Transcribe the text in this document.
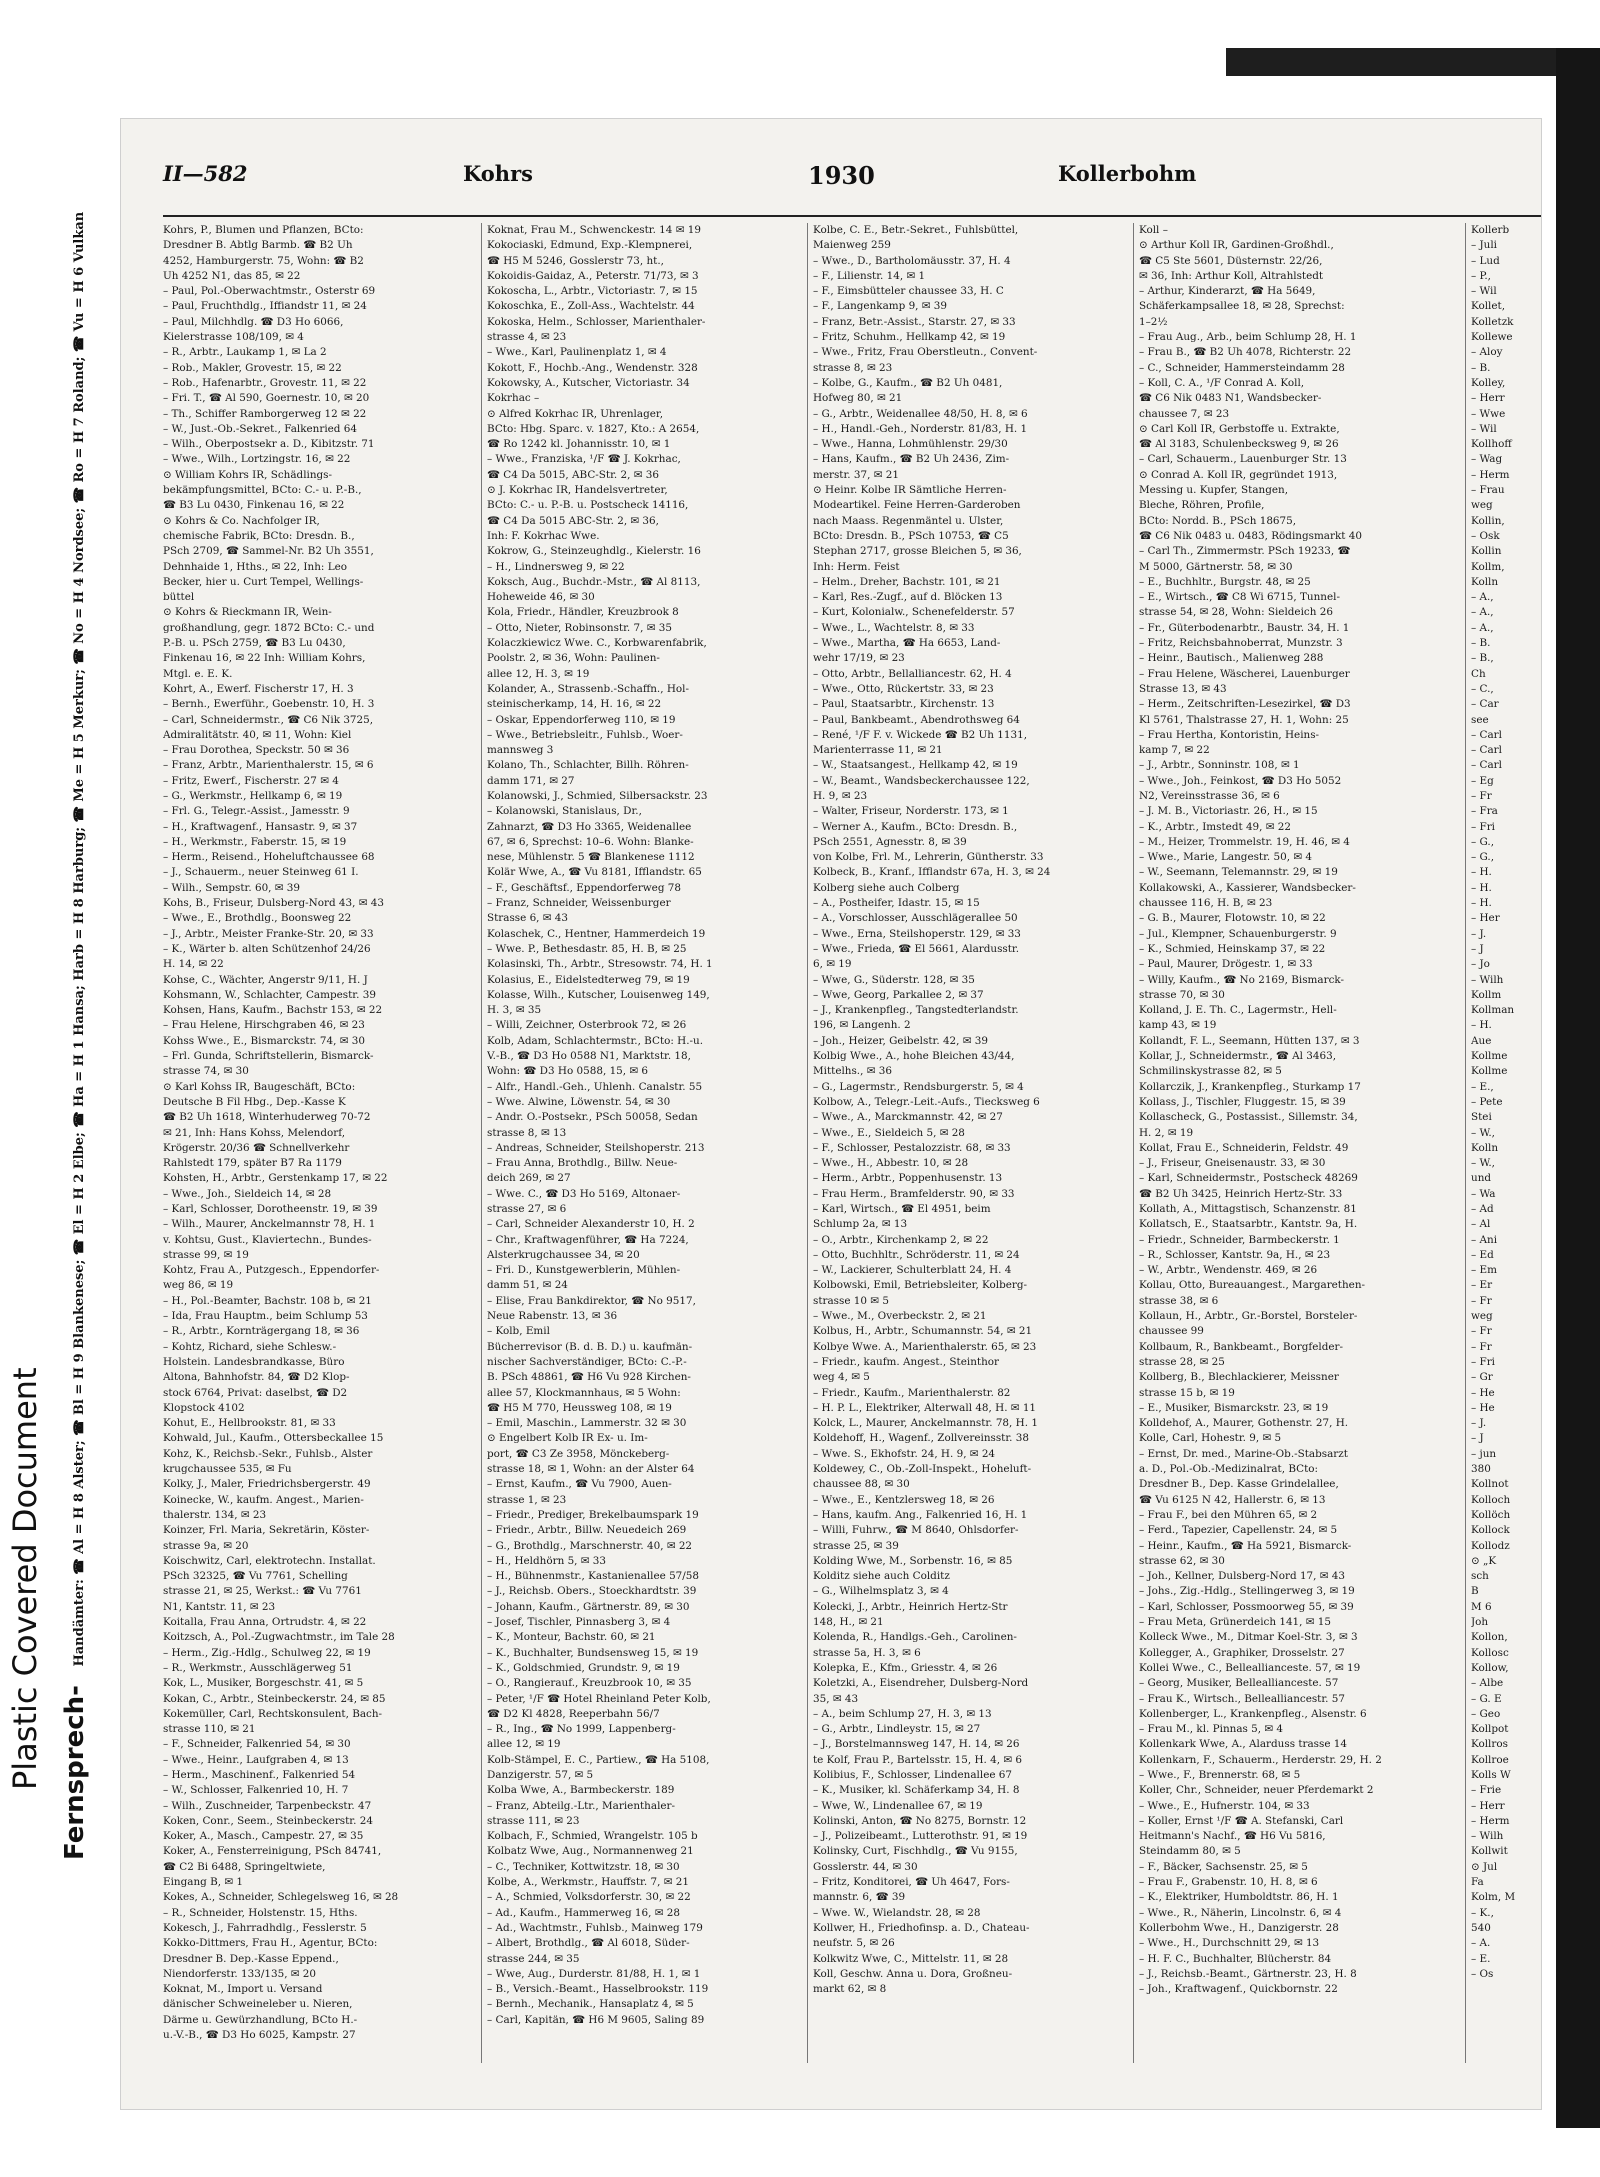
Plastic Covered Document
II—582	Kohrs	1930	Kollerbohm
Kohrs, P., Blumen und Pflanzen, BCto:
Dresdner B. Abtlg Barmb. ☎ B2 Uh
4252, Hamburgerstr. 75, Wohn: ☎ B2
Uh 4252 N1, das 85, ✉ 22
– Paul, Pol.-Oberwachtmstr., Osterstr 69
– Paul, Fruchthdlg., Iffiandstr 11, ✉ 24
– Paul, Milchhdlg. ☎ D3 Ho 6066,
Kielerstrasse 108/109, ✉ 4
– R., Arbtr., Laukamp 1, ✉ La 2
– Rob., Makler, Grovestr. 15, ✉ 22
– Rob., Hafenarbtr., Grovestr. 11, ✉ 22
– Fri. T., ☎ Al 590, Goernestr. 10, ✉ 20
– Th., Schiffer Ramborgerweg 12 ✉ 22
– W., Just.-Ob.-Sekret., Falkenried 64
– Wilh., Oberpostsekr a. D., Kibitzstr. 71
– Wwe., Wilh., Lortzingstr. 16, ✉ 22
⊙ William Kohrs IR, Schädlings-
bekämpfungsmittel, BCto: C.- u. P.-B.,
☎ B3 Lu 0430, Finkenau 16, ✉ 22
⊙ Kohrs & Co. Nachfolger IR,
chemische Fabrik, BCto: Dresdn. B.,
PSch 2709, ☎ Sammel-Nr. B2 Uh 3551,
Dehnhaide 1, Hths., ✉ 22, Inh: Leo
Becker, hier u. Curt Tempel, Wellings-
büttel
⊙ Kohrs & Rieckmann IR, Wein-
großhandlung, gegr. 1872 BCto: C.- und
P.-B. u. PSch 2759, ☎ B3 Lu 0430,
Finkenau 16, ✉ 22 Inh: William Kohrs,
Mtgl. e. E. K.
Kohrt, A., Ewerf. Fischerstr 17, H. 3
– Bernh., Ewerführ., Goebenstr. 10, H. 3
– Carl, Schneidermstr., ☎ C6 Nik 3725,
Admiralitätstr. 40, ✉ 11, Wohn: Kiel
– Frau Dorothea, Speckstr. 50 ✉ 36
– Franz, Arbtr., Marienthalerstr. 15, ✉ 6
– Fritz, Ewerf., Fischerstr. 27 ✉ 4
– G., Werkmstr., Hellkamp 6, ✉ 19
– Frl. G., Telegr.-Assist., Jamesstr. 9
– H., Kraftwagenf., Hansastr. 9, ✉ 37
– H., Werkmstr., Faberstr. 15, ✉ 19
– Herm., Reisend., Hoheluftchaussee 68
– J., Schauerm., neuer Steinweg 61 I.
– Wilh., Sempstr. 60, ✉ 39
Kohs, B., Friseur, Dulsberg-Nord 43, ✉ 43
– Wwe., E., Brothdlg., Boonsweg 22
– J., Arbtr., Meister Franke-Str. 20, ✉ 33
– K., Wärter b. alten Schützenhof 24/26
H. 14, ✉ 22
Kohse, C., Wächter, Angerstr 9/11, H. J
Kohsmann, W., Schlachter, Campestr. 39
Kohsen, Hans, Kaufm., Bachstr 153, ✉ 22
– Frau Helene, Hirschgraben 46, ✉ 23
Kohss Wwe., E., Bismarckstr. 74, ✉ 30
– Frl. Gunda, Schriftstellerin, Bismarck-
strasse 74, ✉ 30
⊙ Karl Kohss IR, Baugeschäft, BCto:
Deutsche B Fil Hbg., Dep.-Kasse K
☎ B2 Uh 1618, Winterhuderweg 70-72
✉ 21, Inh: Hans Kohss, Melendorf,
Krögerstr. 20/36 ☎ Schnellverkehr
Rahlstedt 179, später B7 Ra 1179
Kohsten, H., Arbtr., Gerstenkamp 17, ✉ 22
– Wwe., Joh., Sieldeich 14, ✉ 28
– Karl, Schlosser, Dorotheenstr. 19, ✉ 39
– Wilh., Maurer, Anckelmannstr 78, H. 1
v. Kohtsu, Gust., Klaviertechn., Bundes-
strasse 99, ✉ 19
Kohtz, Frau A., Putzgesch., Eppendorfer-
weg 86, ✉ 19
– H., Pol.-Beamter, Bachstr. 108 b, ✉ 21
– Ida, Frau Hauptm., beim Schlump 53
– R., Arbtr., Kornträgergang 18, ✉ 36
– Kohtz, Richard, siehe Schlesw.-
Holstein. Landesbrandkasse, Büro
Altona, Bahnhofstr. 84, ☎ D2 Klop-
stock 6764, Privat: daselbst, ☎ D2
Klopstock 4102
Kohut, E., Hellbrookstr. 81, ✉ 33
Kohwald, Jul., Kaufm., Ottersbeckallee 15
Kohz, K., Reichsb.-Sekr., Fuhlsb., Alster
krugchaussee 535, ✉ Fu
Kolky, J., Maler, Friedrichsbergerstr. 49
Koinecke, W., kaufm. Angest., Marien-
thalerstr. 134, ✉ 23
Koinzer, Frl. Maria, Sekretärin, Köster-
strasse 9a, ✉ 20
Koischwitz, Carl, elektrotechn. Installat.
PSch 32325, ☎ Vu 7761, Schelling
strasse 21, ✉ 25, Werkst.: ☎ Vu 7761
N1, Kantstr. 11, ✉ 23
Koitalla, Frau Anna, Ortrudstr. 4, ✉ 22
Koitzsch, A., Pol.-Zugwachtmstr., im Tale 28
– Herm., Zig.-Hdlg., Schulweg 22, ✉ 19
– R., Werkmstr., Ausschlägerweg 51
Kok, L., Musiker, Borgeschstr. 41, ✉ 5
Kokan, C., Arbtr., Steinbeckerstr. 24, ✉ 85
Kokemüller, Carl, Rechtskonsulent, Bach-
strasse 110, ✉ 21
– F., Schneider, Falkenried 54, ✉ 30
– Wwe., Heinr., Laufgraben 4, ✉ 13
– Herm., Maschinenf., Falkenried 54
– W., Schlosser, Falkenried 10, H. 7
– Wilh., Zuschneider, Tarpenbeckstr. 47
Koken, Conr., Seem., Steinbeckerstr. 24
Koker, A., Masch., Campestr. 27, ✉ 35
Koker, A., Fensterreinigung, PSch 84741,
☎ C2 Bi 6488, Springeltwiete,
Eingang B, ✉ 1
Kokes, A., Schneider, Schlegelsweg 16, ✉ 28
– R., Schneider, Holstenstr. 15, Hths.
Kokesch, J., Fahrradhdlg., Fesslerstr. 5
Kokko-Dittmers, Frau H., Agentur, BCto:
Dresdner B. Dep.-Kasse Eppend.,
Niendorferstr. 133/135, ✉ 20
Koknat, M., Import u. Versand
dänischer Schweineleber u. Nieren,
Därme u. Gewürzhandlung, BCto H.-
u.-V.-B., ☎ D3 Ho 6025, Kampstr. 27
Koknat, Frau M., Schwenckestr. 14 ✉ 19
Kokociaski, Edmund, Exp.-Klempnerei,
☎ H5 M 5246, Gosslerstr 73, ht.,
Kokoidis-Gaidaz, A., Peterstr. 71/73, ✉ 3
Kokoscha, L., Arbtr., Victoriastr. 7, ✉ 15
Kokoschka, E., Zoll-Ass., Wachtelstr. 44
Kokoska, Helm., Schlosser, Marienthaler-
strasse 4, ✉ 23
– Wwe., Karl, Paulinenplatz 1, ✉ 4
Kokott, F., Hochb.-Ang., Wendenstr. 328
Kokowsky, A., Kutscher, Victoriastr. 34
Kokrhac –
⊙ Alfred Kokrhac IR, Uhrenlager,
BCto: Hbg. Sparc. v. 1827, Kto.: A 2654,
☎ Ro 1242 kl. Johannisstr. 10, ✉ 1
– Wwe., Franziska, ¹/F ☎ J. Kokrhac,
☎ C4 Da 5015, ABC-Str. 2, ✉ 36
⊙ J. Kokrhac IR, Handelsvertreter,
BCto: C.- u. P.-B. u. Postscheck 14116,
☎ C4 Da 5015 ABC-Str. 2, ✉ 36,
Inh: F. Kokrhac Wwe.
Kokrow, G., Steinzeughdlg., Kielerstr. 16
– H., Lindnersweg 9, ✉ 22
Koksch, Aug., Buchdr.-Mstr., ☎ Al 8113,
Hoheweide 46, ✉ 30
Kola, Friedr., Händler, Kreuzbrook 8
– Otto, Nieter, Robinsonstr. 7, ✉ 35
Kolaczkiewicz Wwe. C., Korbwarenfabrik,
Poolstr. 2, ✉ 36, Wohn: Paulinen-
allee 12, H. 3, ✉ 19
Kolander, A., Strassenb.-Schaffn., Hol-
steinischerkamp, 14, H. 16, ✉ 22
– Oskar, Eppendorferweg 110, ✉ 19
– Wwe., Betriebsleitr., Fuhlsb., Woer-
mannsweg 3
Kolano, Th., Schlachter, Billh. Röhren-
damm 171, ✉ 27
Kolanowski, J., Schmied, Silbersackstr. 23
– Kolanowski, Stanislaus, Dr.,
Zahnarzt, ☎ D3 Ho 3365, Weidenallee
67, ✉ 6, Sprechst: 10–6. Wohn: Blanke-
nese, Mühlenstr. 5 ☎ Blankenese 1112
Kolär Wwe, A., ☎ Vu 8181, Ifflandstr. 65
– F., Geschäftsf., Eppendorferweg 78
– Franz, Schneider, Weissenburger
Strasse 6, ✉ 43
Kolaschek, C., Hentner, Hammerdeich 19
– Wwe. P., Bethesdastr. 85, H. B, ✉ 25
Kolasinski, Th., Arbtr., Stresowstr. 74, H. 1
Kolasius, E., Eidelstedterweg 79, ✉ 19
Kolasse, Wilh., Kutscher, Louisenweg 149,
H. 3, ✉ 35
– Willi, Zeichner, Osterbrook 72, ✉ 26
Kolb, Adam, Schlachtermstr., BCto: H.-u.
V.-B., ☎ D3 Ho 0588 N1, Marktstr. 18,
Wohn: ☎ D3 Ho 0588, 15, ✉ 6
– Alfr., Handl.-Geh., Uhlenh. Canalstr. 55
– Wwe. Alwine, Löwenstr. 54, ✉ 30
– Andr. O.-Postsekr., PSch 50058, Sedan
strasse 8, ✉ 13
– Andreas, Schneider, Steilshoperstr. 213
– Frau Anna, Brothdlg., Billw. Neue-
deich 269, ✉ 27
– Wwe. C., ☎ D3 Ho 5169, Altonaer-
strasse 27, ✉ 6
– Carl, Schneider Alexanderstr 10, H. 2
– Chr., Kraftwagenführer, ☎ Ha 7224,
Alsterkrugchaussee 34, ✉ 20
– Fri. D., Kunstgewerblerin, Mühlen-
damm 51, ✉ 24
– Elise, Frau Bankdirektor, ☎ No 9517,
Neue Rabenstr. 13, ✉ 36
– Kolb, Emil
Bücherrevisor (B. d. B. D.) u. kaufmän-
nischer Sachverständiger, BCto: C.-P.-
B. PSch 48861, ☎ H6 Vu 928 Kirchen-
allee 57, Klockmannhaus, ✉ 5 Wohn:
☎ H5 M 770, Heussweg 108, ✉ 19
– Emil, Maschin., Lammerstr. 32 ✉ 30
⊙ Engelbert Kolb IR Ex- u. Im-
port, ☎ C3 Ze 3958, Mönckeberg-
strasse 18, ✉ 1, Wohn: an der Alster 64
– Ernst, Kaufm., ☎ Vu 7900, Auen-
strasse 1, ✉ 23
– Friedr., Prediger, Brekelbaumspark 19
– Friedr., Arbtr., Billw. Neuedeich 269
– G., Brothdlg., Marschnerstr. 40, ✉ 22
– H., Heldhörn 5, ✉ 33
– H., Bühnenmstr., Kastanienallee 57/58
– J., Reichsb. Obers., Stoeckhardtstr. 39
– Johann, Kaufm., Gärtnerstr. 89, ✉ 30
– Josef, Tischler, Pinnasberg 3, ✉ 4
– K., Monteur, Bachstr. 60, ✉ 21
– K., Buchhalter, Bundsensweg 15, ✉ 19
– K., Goldschmied, Grundstr. 9, ✉ 19
– O., Rangierauf., Kreuzbrook 10, ✉ 35
– Peter, ¹/F ☎ Hotel Rheinland Peter Kolb,
☎ D2 Kl 4828, Reeperbahn 56/7
– R., Ing., ☎ No 1999, Lappenberg-
allee 12, ✉ 19
Kolb-Stämpel, E. C., Partiew., ☎ Ha 5108,
Danzigerstr. 57, ✉ 5
Kolba Wwe, A., Barmbeckerstr. 189
– Franz, Abteilg.-Ltr., Marienthaler-
strasse 111, ✉ 23
Kolbach, F., Schmied, Wrangelstr. 105 b
Kolbatz Wwe, Aug., Normannenweg 21
– C., Techniker, Kottwitzstr. 18, ✉ 30
Kolbe, A., Werkmstr., Hauffstr. 7, ✉ 21
– A., Schmied, Volksdorferstr. 30, ✉ 22
– Ad., Kaufm., Hammerweg 16, ✉ 28
– Ad., Wachtmstr., Fuhlsb., Mainweg 179
– Albert, Brothdlg., ☎ Al 6018, Süder-
strasse 244, ✉ 35
– Wwe, Aug., Durderstr. 81/88, H. 1, ✉ 1
– B., Versich.-Beamt., Hasselbrookstr. 119
– Bernh., Mechanik., Hansaplatz 4, ✉ 5
– Carl, Kapitän, ☎ H6 M 9605, Saling 89
Kolbe, C. E., Betr.-Sekret., Fuhlsbüttel,
Maienweg 259
– Wwe., D., Bartholomäusstr. 37, H. 4
– F., Lilienstr. 14, ✉ 1
– F., Eimsbütteler chaussee 33, H. C
– F., Langenkamp 9, ✉ 39
– Franz, Betr.-Assist., Starstr. 27, ✉ 33
– Fritz, Schuhm., Hellkamp 42, ✉ 19
– Wwe., Fritz, Frau Oberstleutn., Convent-
strasse 8, ✉ 23
– Kolbe, G., Kaufm., ☎ B2 Uh 0481,
Hofweg 80, ✉ 21
– G., Arbtr., Weidenallee 48/50, H. 8, ✉ 6
– H., Handl.-Geh., Norderstr. 81/83, H. 1
– Wwe., Hanna, Lohmühlenstr. 29/30
– Hans, Kaufm., ☎ B2 Uh 2436, Zim-
merstr. 37, ✉ 21
⊙ Heinr. Kolbe IR Sämtliche Herren-
Modeartikel. Feine Herren-Garderoben
nach Maass. Regenmäntel u. Ulster,
BCto: Dresdn. B., PSch 10753, ☎ C5
Stephan 2717, grosse Bleichen 5, ✉ 36,
Inh: Herm. Feist
– Helm., Dreher, Bachstr. 101, ✉ 21
– Karl, Res.-Zugf., auf d. Blöcken 13
– Kurt, Kolonialw., Schenefelderstr. 57
– Wwe., L., Wachtelstr. 8, ✉ 33
– Wwe., Martha, ☎ Ha 6653, Land-
wehr 17/19, ✉ 23
– Otto, Arbtr., Bellalliancestr. 62, H. 4
– Wwe., Otto, Rückertstr. 33, ✉ 23
– Paul, Staatsarbtr., Kirchenstr. 13
– Paul, Bankbeamt., Abendrothsweg 64
– René, ¹/F F. v. Wickede ☎ B2 Uh 1131,
Marienterrasse 11, ✉ 21
– W., Staatsangest., Hellkamp 42, ✉ 19
– W., Beamt., Wandsbeckerchaussee 122,
H. 9, ✉ 23
– Walter, Friseur, Norderstr. 173, ✉ 1
– Werner A., Kaufm., BCto: Dresdn. B.,
PSch 2551, Agnesstr. 8, ✉ 39
von Kolbe, Frl. M., Lehrerin, Güntherstr. 33
Kolbeck, B., Kranf., Ifflandstr 67a, H. 3, ✉ 24
Kolberg siehe auch Colberg
– A., Postheifer, Idastr. 15, ✉ 15
– A., Vorschlosser, Ausschlägerallee 50
– Wwe., Erna, Steilshoperstr. 129, ✉ 33
– Wwe., Frieda, ☎ El 5661, Alardusstr.
6, ✉ 19
– Wwe, G., Süderstr. 128, ✉ 35
– Wwe, Georg, Parkallee 2, ✉ 37
– J., Krankenpfleg., Tangstedterlandstr.
196, ✉ Langenh. 2
– Joh., Heizer, Geibelstr. 42, ✉ 39
Kolbig Wwe., A., hohe Bleichen 43/44,
Mittelhs., ✉ 36
– G., Lagermstr., Rendsburgerstr. 5, ✉ 4
Kolbow, A., Telegr.-Leit.-Aufs., Tiecksweg 6
– Wwe., A., Marckmannstr. 42, ✉ 27
– Wwe., E., Sieldeich 5, ✉ 28
– F., Schlosser, Pestalozzistr. 68, ✉ 33
– Wwe., H., Abbestr. 10, ✉ 28
– Herm., Arbtr., Poppenhusenstr. 13
– Frau Herm., Bramfelderstr. 90, ✉ 33
– Karl, Wirtsch., ☎ El 4951, beim
Schlump 2a, ✉ 13
– O., Arbtr., Kirchenkamp 2, ✉ 22
– Otto, Buchhltr., Schröderstr. 11, ✉ 24
– W., Lackierer, Schulterblatt 24, H. 4
Kolbowski, Emil, Betriebsleiter, Kolberg-
strasse 10 ✉ 5
– Wwe., M., Overbeckstr. 2, ✉ 21
Kolbus, H., Arbtr., Schumannstr. 54, ✉ 21
Kolbye Wwe. A., Marienthalerstr. 65, ✉ 23
– Friedr., kaufm. Angest., Steinthor
weg 4, ✉ 5
– Friedr., Kaufm., Marienthalerstr. 82
– H. P. L., Elektriker, Alterwall 48, H. ✉ 11
Kolck, L., Maurer, Anckelmannstr. 78, H. 1
Koldehoff, H., Wagenf., Zollvereinsstr. 38
– Wwe. S., Ekhofstr. 24, H. 9, ✉ 24
Koldewey, C., Ob.-Zoll-Inspekt., Hoheluft-
chaussee 88, ✉ 30
– Wwe., E., Kentzlersweg 18, ✉ 26
– Hans, kaufm. Ang., Falkenried 16, H. 1
– Willi, Fuhrw., ☎ M 8640, Ohlsdorfer-
strasse 25, ✉ 39
Kolding Wwe, M., Sorbenstr. 16, ✉ 85
Kolditz siehe auch Colditz
– G., Wilhelmsplatz 3, ✉ 4
Kolecki, J., Arbtr., Heinrich Hertz-Str
148, H., ✉ 21
Kolenda, R., Handlgs.-Geh., Carolinen-
strasse 5a, H. 3, ✉ 6
Kolepka, E., Kfm., Griesstr. 4, ✉ 26
Koletzki, A., Eisendreher, Dulsberg-Nord
35, ✉ 43
– A., beim Schlump 27, H. 3, ✉ 13
– G., Arbtr., Lindleystr. 15, ✉ 27
– J., Borstelmannsweg 147, H. 14, ✉ 26
te Kolf, Frau P., Bartelsstr. 15, H. 4, ✉ 6
Kolibius, F., Schlosser, Lindenallee 67
– K., Musiker, kl. Schäferkamp 34, H. 8
– Wwe, W., Lindenallee 67, ✉ 19
Kolinski, Anton, ☎ No 8275, Bornstr. 12
– J., Polizeibeamt., Lutterothstr. 91, ✉ 19
Kolinsky, Curt, Fischhdlg., ☎ Vu 9155,
Gosslerstr. 44, ✉ 30
– Fritz, Konditorei, ☎ Uh 4647, Fors-
mannstr. 6, ☎ 39
– Wwe. W., Wielandstr. 28, ✉ 28
Kollwer, H., Friedhofinsp. a. D., Chateau-
neufstr. 5, ✉ 26
Kolkwitz Wwe, C., Mittelstr. 11, ✉ 28
Koll, Geschw. Anna u. Dora, Großneu-
markt 62, ✉ 8
Koll –
⊙ Arthur Koll IR, Gardinen-Großhdl.,
☎ C5 Ste 5601, Düsternstr. 22/26,
✉ 36, Inh: Arthur Koll, Altrahlstedt
– Arthur, Kinderarzt, ☎ Ha 5649,
Schäferkampsallee 18, ✉ 28, Sprechst:
1–2½
– Frau Aug., Arb., beim Schlump 28, H. 1
– Frau B., ☎ B2 Uh 4078, Richterstr. 22
– C., Schneider, Hammersteindamm 28
– Koll, C. A., ¹/F Conrad A. Koll,
☎ C6 Nik 0483 N1, Wandsbecker-
chaussee 7, ✉ 23
⊙ Carl Koll IR, Gerbstoffe u. Extrakte,
☎ Al 3183, Schulenbecksweg 9, ✉ 26
– Carl, Schauerm., Lauenburger Str. 13
⊙ Conrad A. Koll IR, gegründet 1913,
Messing u. Kupfer, Stangen,
Bleche, Röhren, Profile,
BCto: Nordd. B., PSch 18675,
☎ C6 Nik 0483 u. 0483, Rödingsmarkt 40
– Carl Th., Zimmermstr. PSch 19233, ☎
M 5000, Gärtnerstr. 58, ✉ 30
– E., Buchhltr., Burgstr. 48, ✉ 25
– E., Wirtsch., ☎ C8 Wi 6715, Tunnel-
strasse 54, ✉ 28, Wohn: Sieldeich 26
– Fr., Güterbodenarbtr., Baustr. 34, H. 1
– Fritz, Reichsbahnoberrat, Munzstr. 3
– Heinr., Bautisch., Malienweg 288
– Frau Helene, Wäscherei, Lauenburger
Strasse 13, ✉ 43
– Herm., Zeitschriften-Lesezirkel, ☎ D3
Kl 5761, Thalstrasse 27, H. 1, Wohn: 25
– Frau Hertha, Kontoristin, Heins-
kamp 7, ✉ 22
– J., Arbtr., Sonninstr. 108, ✉ 1
– Wwe., Joh., Feinkost, ☎ D3 Ho 5052
N2, Vereinsstrasse 36, ✉ 6
– J. M. B., Victoriastr. 26, H., ✉ 15
– K., Arbtr., Imstedt 49, ✉ 22
– M., Heizer, Trommelstr. 19, H. 46, ✉ 4
– Wwe., Marie, Langestr. 50, ✉ 4
– W., Seemann, Telemannstr. 29, ✉ 19
Kollakowski, A., Kassierer, Wandsbecker-
chaussee 116, H. B, ✉ 23
– G. B., Maurer, Flotowstr. 10, ✉ 22
– Jul., Klempner, Schauenburgerstr. 9
– K., Schmied, Heinskamp 37, ✉ 22
– Paul, Maurer, Drögestr. 1, ✉ 33
– Willy, Kaufm., ☎ No 2169, Bismarck-
strasse 70, ✉ 30
Kolland, J. E. Th. C., Lagermstr., Hell-
kamp 43, ✉ 19
Kollandt, F. L., Seemann, Hütten 137, ✉ 3
Kollar, J., Schneidermstr., ☎ Al 3463,
Schmilinskystrasse 82, ✉ 5
Kollarczik, J., Krankenpfleg., Sturkamp 17
Kollass, J., Tischler, Fluggestr. 15, ✉ 39
Kollascheck, G., Postassist., Sillemstr. 34,
H. 2, ✉ 19
Kollat, Frau E., Schneiderin, Feldstr. 49
– J., Friseur, Gneisenaustr. 33, ✉ 30
– Karl, Schneidermstr., Postscheck 48269
☎ B2 Uh 3425, Heinrich Hertz-Str. 33
Kollath, A., Mittagstisch, Schanzenstr. 81
Kollatsch, E., Staatsarbtr., Kantstr. 9a, H.
– Friedr., Schneider, Barmbeckerstr. 1
– R., Schlosser, Kantstr. 9a, H., ✉ 23
– W., Arbtr., Wendenstr. 469, ✉ 26
Kollau, Otto, Bureauangest., Margarethen-
strasse 38, ✉ 6
Kollaun, H., Arbtr., Gr.-Borstel, Borsteler-
chaussee 99
Kollbaum, R., Bankbeamt., Borgfelder-
strasse 28, ✉ 25
Kollberg, B., Blechlackierer, Meissner
strasse 15 b, ✉ 19
– E., Musiker, Bismarckstr. 23, ✉ 19
Kolldehof, A., Maurer, Gothenstr. 27, H.
Kolle, Carl, Hohestr. 9, ✉ 5
– Ernst, Dr. med., Marine-Ob.-Stabsarzt
a. D., Pol.-Ob.-Medizinalrat, BCto:
Dresdner B., Dep. Kasse Grindelallee,
☎ Vu 6125 N 42, Hallerstr. 6, ✉ 13
– Frau F., bei den Mühren 65, ✉ 2
– Ferd., Tapezier, Capellenstr. 24, ✉ 5
– Heinr., Kaufm., ☎ Ha 5921, Bismarck-
strasse 62, ✉ 30
– Joh., Kellner, Dulsberg-Nord 17, ✉ 43
– Johs., Zig.-Hdlg., Stellingerweg 3, ✉ 19
– Karl, Schlosser, Possmoorweg 55, ✉ 39
– Frau Meta, Grünerdeich 141, ✉ 15
Kolleck Wwe., M., Ditmar Koel-Str. 3, ✉ 3
Kollegger, A., Graphiker, Drosselstr. 27
Kollei Wwe., C., Belleallianceste. 57, ✉ 19
– Georg, Musiker, Belleallianceste. 57
– Frau K., Wirtsch., Bellealliancestr. 57
Kollenberger, L., Krankenpfleg., Alsenstr. 6
– Frau M., kl. Pinnas 5, ✉ 4
Kollenkark Wwe, A., Alarduss trasse 14
Kollenkarn, F., Schauerm., Herderstr. 29, H. 2
– Wwe., F., Brennerstr. 68, ✉ 5
Koller, Chr., Schneider, neuer Pferdemarkt 2
– Wwe., E., Hufnerstr. 104, ✉ 33
– Koller, Ernst ¹/F ☎ A. Stefanski, Carl
Heitmann's Nachf., ☎ H6 Vu 5816,
Steindamm 80, ✉ 5
– F., Bäcker, Sachsenstr. 25, ✉ 5
– Frau F., Grabenstr. 10, H. 8, ✉ 6
– K., Elektriker, Humboldtstr. 86, H. 1
– Wwe., R., Näherin, Lincolnstr. 6, ✉ 4
Kollerbohm Wwe., H., Danzigerstr. 28
– Wwe., H., Durchschnitt 29, ✉ 13
– H. F. C., Buchhalter, Blücherstr. 84
– J., Reichsb.-Beamt., Gärtnerstr. 23, H. 8
– Joh., Kraftwagenf., Quickbornstr. 22
Kollerb
– Juli
– Lud
– P.,
– Wil
Kollet,
Kolletzk
Kollewe
– Aloy
– B.
Kolley,
– Herr
– Wwe
– Wil
Kollhoff
– Wag
– Herm
– Frau
weg
Kollin,
– Osk
Kollin
Kollm,
Kolln
– A.,
– A.,
– A.,
– B.
– B.,
Ch
– C.,
– Car
see
– Carl
– Carl
– Carl
– Eg
– Fr
– Fra
– Fri
– G.,
– G.,
– H.
– H.
– H.
– Her
– J.
– J
– Jo
– Wilh
Kollm
Kollman
– H.
Aue
Kollme
Kollme
– E.,
– Pete
Stei
– W.,
Kolln
– W.,
und
– Wa
– Ad
– Al
– Ani
– Ed
– Em
– Er
– Fr
weg
– Fr
– Fr
– Fri
– Gr
– He
– He
– J.
– J
– jun
380
Kollnot
Kolloch
Kollöch
Kollock
Kollodz
⊙ „K
sch
B
M 6
Joh
Kollon,
Kollosc
Kollow,
– Albe
– G. E
– Geo
Kollpot
Kollros
Kollroe
Kolls W
– Frie
– Herr
– Herm
– Wilh
Kollwit
⊙ Jul
Fa
Kolm, M
– K.,
540
– A.
– E.
– Os
Fernsprech- Handämter: ☎ Al = H 8 Alster; ☎ Bl = H 9 Blankenese; ☎ El = H 2 Elbe; ☎ Ha = H 1 Hansa; Harb = H 8 Harburg; ☎ Me = H 5 Merkur; ☎ No = H 4 Nordsee; ☎ Ro = H 7 Roland; ☎ Vu = H 6 Vulkan
